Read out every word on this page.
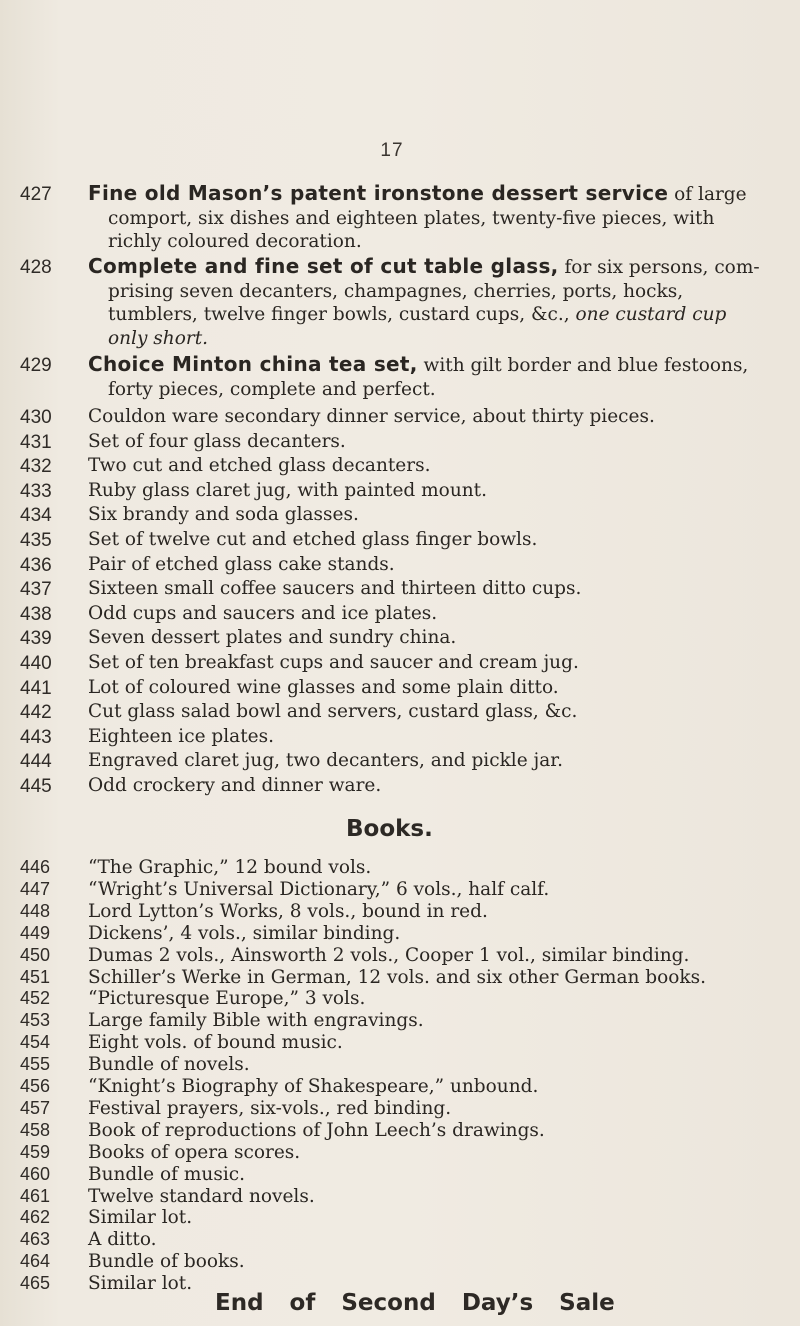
17
427	Fine old Mason’s patent ironstone dessert service of large
comport, six dishes and eighteen plates, twenty-five pieces, with
richly coloured decoration.
428	Complete and fine set of cut table glass, for six persons, com-
prising seven decanters, champagnes, cherries, ports, hocks,
tumblers, twelve finger bowls, custard cups, &c., one custard cup
only short.
429	Choice Minton china tea set, with gilt border and blue festoons,
forty pieces, complete and perfect.
430	Couldon ware secondary dinner service, about thirty pieces.
431	Set of four glass decanters.
432	Two cut and etched glass decanters.
433	Ruby glass claret jug, with painted mount.
434	Six brandy and soda glasses.
435	Set of twelve cut and etched glass finger bowls.
436	Pair of etched glass cake stands.
437	Sixteen small coffee saucers and thirteen ditto cups.
438	Odd cups and saucers and ice plates.
439	Seven dessert plates and sundry china.
440	Set of ten breakfast cups and saucer and cream jug.
441	Lot of coloured wine glasses and some plain ditto.
442	Cut glass salad bowl and servers, custard glass, &c.
443	Eighteen ice plates.
444	Engraved claret jug, two decanters, and pickle jar.
445	Odd crockery and dinner ware.
Books.
446	“The Graphic,” 12 bound vols.
447	“Wright’s Universal Dictionary,” 6 vols., half calf.
448	Lord Lytton’s Works, 8 vols., bound in red.
449	Dickens’, 4 vols., similar binding.
450	Dumas 2 vols., Ainsworth 2 vols., Cooper 1 vol., similar binding.
451	Schiller’s Werke in German, 12 vols. and six other German books.
452	“Picturesque Europe,” 3 vols.
453	Large family Bible with engravings.
454	Eight vols. of bound music.
455	Bundle of novels.
456	“Knight’s Biography of Shakespeare,” unbound.
457	Festival prayers, six-vols., red binding.
458	Book of reproductions of John Leech’s drawings.
459	Books of opera scores.
460	Bundle of music.
461	Twelve standard novels.
462	Similar lot.
463	A ditto.
464	Bundle of books.
465	Similar lot.
End of Second Day’s Sale
